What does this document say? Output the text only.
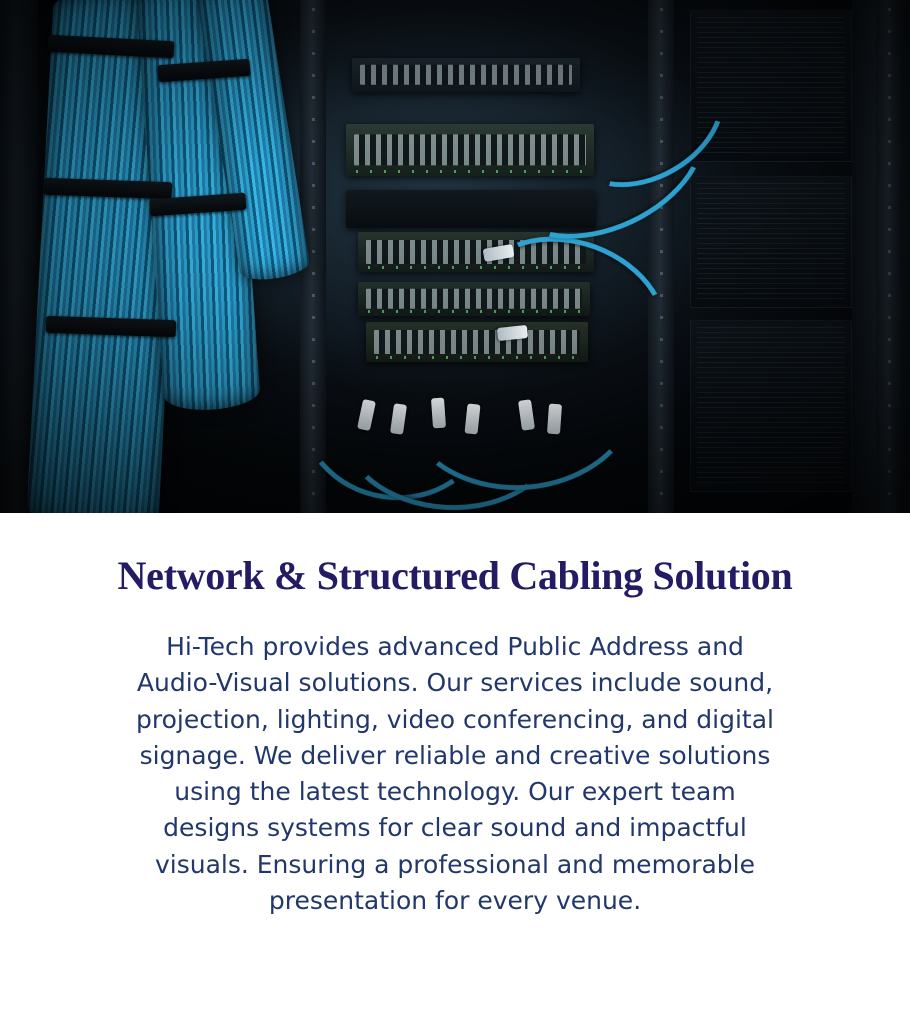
Network & Structured Cabling Solution

Hi-Tech provides advanced Public Address and Audio-Visual solutions. Our services include sound, projection, lighting, video conferencing, and digital signage. We deliver reliable and creative solutions using the latest technology. Our expert team designs systems for clear sound and impactful visuals. Ensuring a professional and memorable presentation for every venue.
